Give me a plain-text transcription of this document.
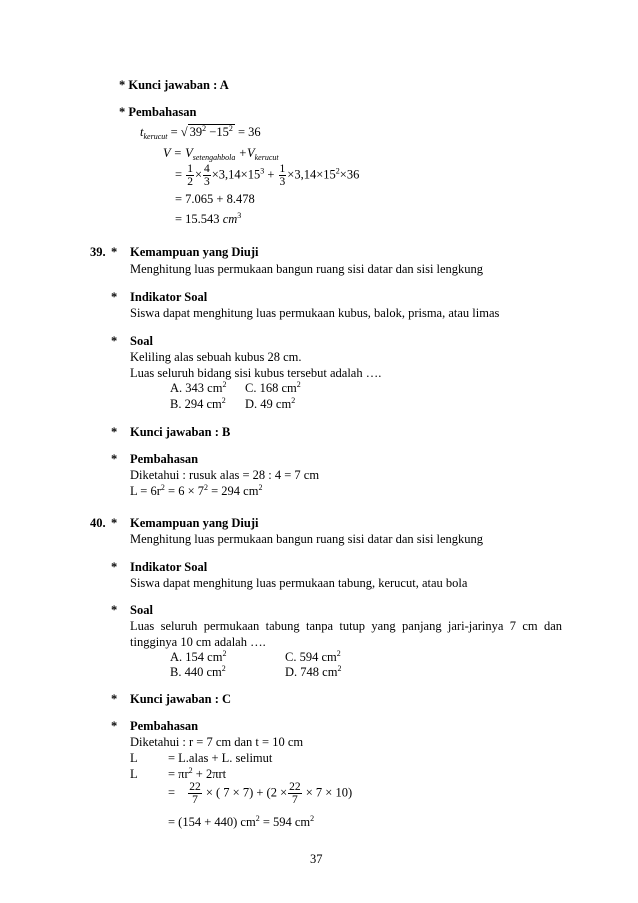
* Kunci jawaban : A
* Pembahasan
$t_{kerucut}$ = √ $39^2 -15^2 = 36$
$V = V_{setengahbola} +V_{kerucut}$
= $\frac{1}{2} \times \frac{4}{3} \times 3,14\times 15^3 + \frac{1}{3} \times 3,14\times 15^2\times 36$
= 7.065 + 8.478
= 15.543 $cm^3$
39. * Kemampuan yang Diuji
Menghitung luas permukaan bangun ruang sisi datar dan sisi lengkung
* Indikator Soal
Siswa dapat menghitung luas permukaan kubus, balok, prisma, atau limas
* Soal
Keliling alas sebuah kubus 28 cm.
Luas seluruh bidang sisi kubus tersebut adalah ….
A. 343 $cm^2$ C. 168 $cm^2$
B. 294 $cm^2$ D. 49 $cm^2$
* Kunci jawaban : B
* Pembahasan
Diketahui : rusuk alas = 28 : 4 = 7 cm
$L = 6r^2 = 6 \times 7^2 = 294$ $cm^2$
40. * Kemampuan yang Diuji
Menghitung luas permukaan bangun ruang sisi datar dan sisi lengkung
* Indikator Soal
Siswa dapat menghitung luas permukaan tabung, kerucut, atau bola
* Soal
Luas seluruh permukaan tabung tanpa tutup yang panjang jari-jarinya 7 cm dan tingginya 10 cm adalah ….
A. 154 $cm^2$	C. 594 $cm^2$
B. 440 $cm^2$	D. 748 $cm^2$
* Kunci jawaban : C
* Pembahasan
Diketahui : r = 7 cm dan t = 10 cm
L = L.alas + L. selimut
$L = \pi r^2 + 2\pi rt$
= $\frac{22}{7}$ × ( $7 \times 7) + (2 \times \frac{22}{7} \times 7 \times 10)$
= (154 + 440) $cm^2 = 594$ $cm^2$
37
